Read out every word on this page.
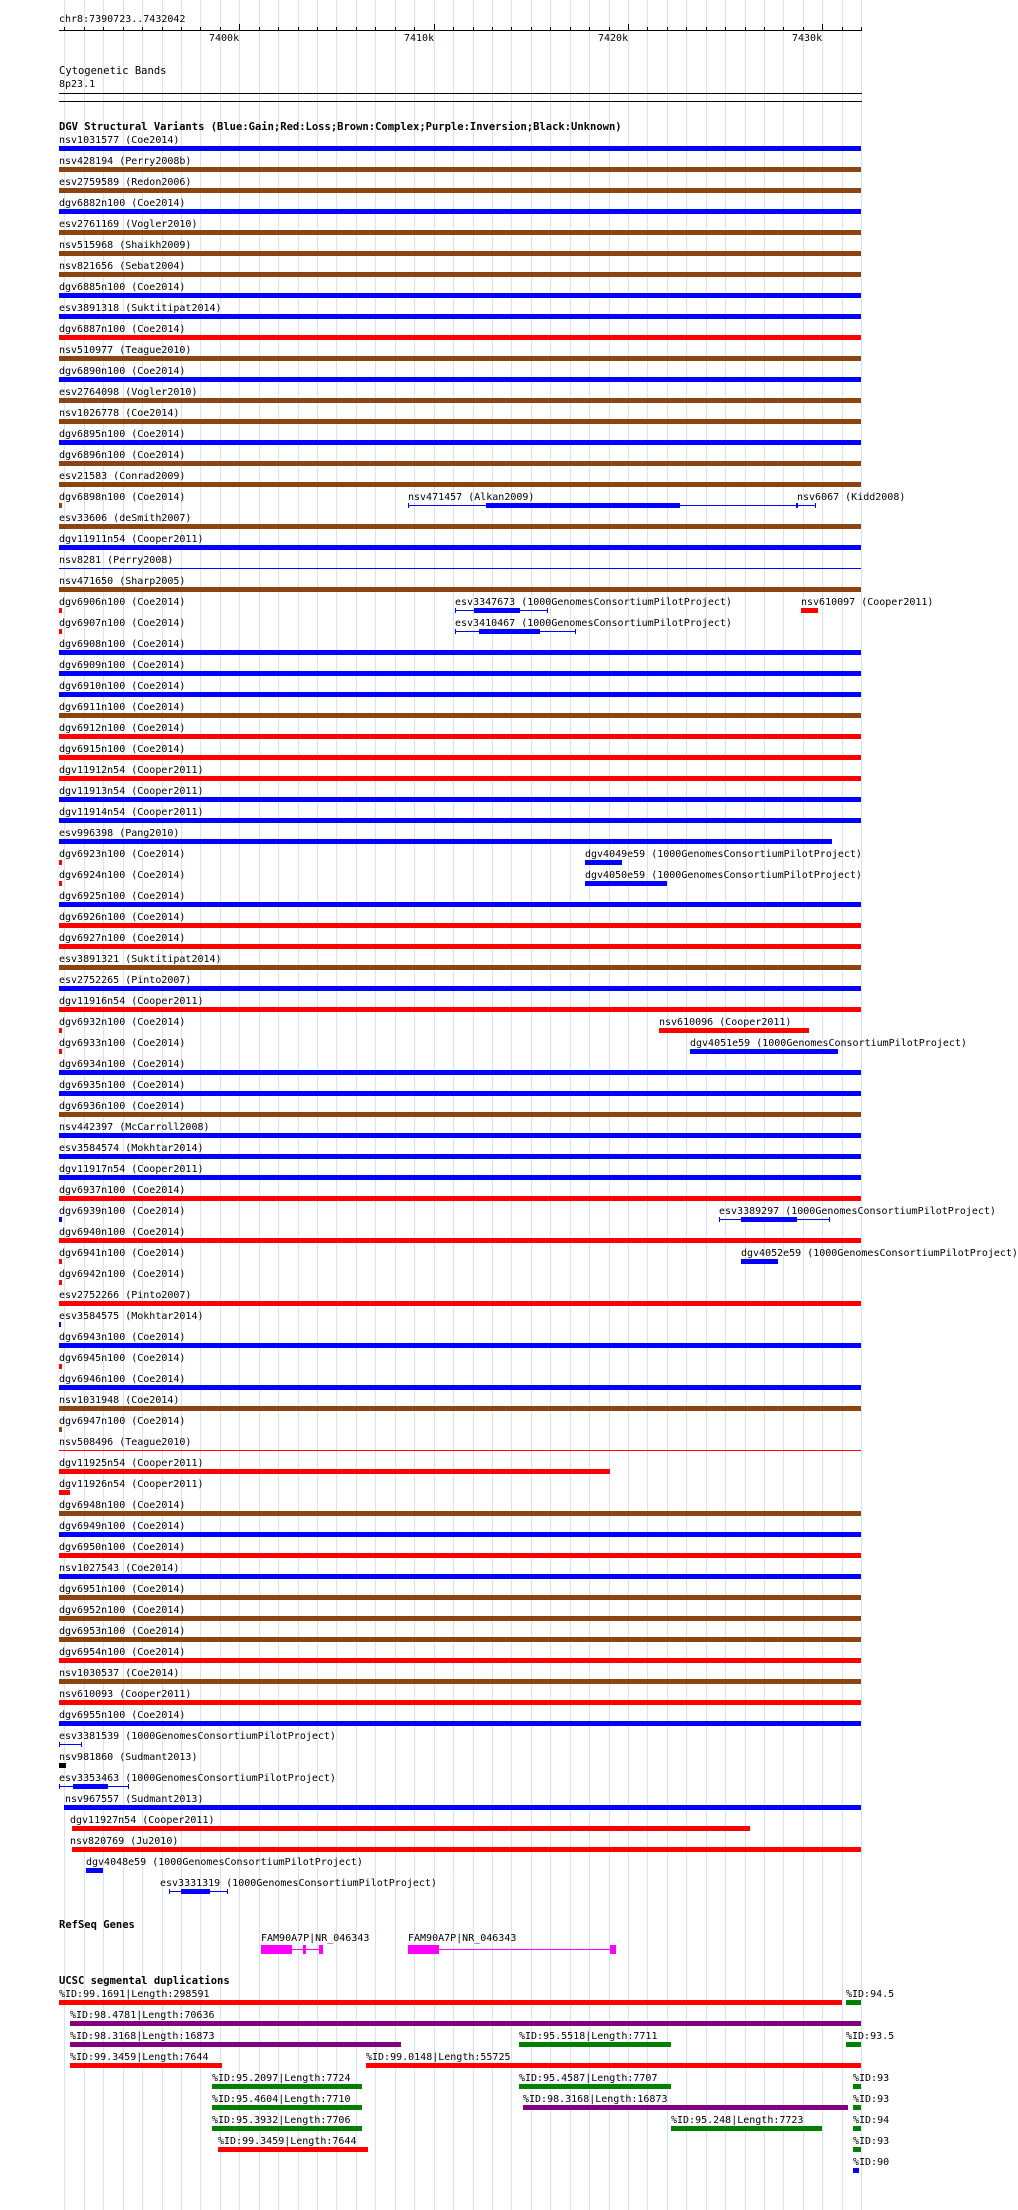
chr8:7390723..7432042
7400k	7410k	7420k	7430k
Cytogenetic Bands
8p23.1
DGV Structural Variants (Blue:Gain;Red:Loss;Brown:Complex;Purple:Inversion;Black:Unknown)
nsv1031577 (Coe2014)
nsv428194 (Perry2008b)
esv2759589 (Redon2006)
dgv6882n100 (Coe2014)
esv2761169 (Vogler2010)
nsv515968 (Shaikh2009)
nsv821656 (Sebat2004)
dgv6885n100 (Coe2014)
esv3891318 (Suktitipat2014)
dgv6887n100 (Coe2014)
nsv510977 (Teague2010)
dgv6890n100 (Coe2014)
esv2764098 (Vogler2010)
nsv1026778 (Coe2014)
dgv6895n100 (Coe2014)
dgv6896n100 (Coe2014)
esv21583 (Conrad2009)
dgv6898n100 (Coe2014)	nsv471457 (Alkan2009)	nsv6067 (Kidd2008)
esv33606 (deSmith2007)
dgv11911n54 (Cooper2011)
nsv8281 (Perry2008)
nsv471650 (Sharp2005)
dgv6906n100 (Coe2014)	esv3347673 (1000GenomesConsortiumPilotProject)	nsv610097 (Cooper2011)
dgv6907n100 (Coe2014)	esv3410467 (1000GenomesConsortiumPilotProject)
dgv6908n100 (Coe2014)
dgv6909n100 (Coe2014)
dgv6910n100 (Coe2014)
dgv6911n100 (Coe2014)
dgv6912n100 (Coe2014)
dgv6915n100 (Coe2014)
dgv11912n54 (Cooper2011)
dgv11913n54 (Cooper2011)
dgv11914n54 (Cooper2011)
esv996398 (Pang2010)
dgv6923n100 (Coe2014)	dgv4049e59 (1000GenomesConsortiumPilotProject)
dgv6924n100 (Coe2014)	dgv4050e59 (1000GenomesConsortiumPilotProject)
dgv6925n100 (Coe2014)
dgv6926n100 (Coe2014)
dgv6927n100 (Coe2014)
esv3891321 (Suktitipat2014)
esv2752265 (Pinto2007)
dgv11916n54 (Cooper2011)
dgv6932n100 (Coe2014)	nsv610096 (Cooper2011)
dgv6933n100 (Coe2014)	dgv4051e59 (1000GenomesConsortiumPilotProject)
dgv6934n100 (Coe2014)
dgv6935n100 (Coe2014)
dgv6936n100 (Coe2014)
nsv442397 (McCarroll2008)
esv3584574 (Mokhtar2014)
dgv11917n54 (Cooper2011)
dgv6937n100 (Coe2014)
dgv6939n100 (Coe2014)	esv3389297 (1000GenomesConsortiumPilotProject)
dgv6940n100 (Coe2014)
dgv6941n100 (Coe2014)	dgv4052e59 (1000GenomesConsortiumPilotProject)
dgv6942n100 (Coe2014)
esv2752266 (Pinto2007)
esv3584575 (Mokhtar2014)
dgv6943n100 (Coe2014)
dgv6945n100 (Coe2014)
dgv6946n100 (Coe2014)
nsv1031948 (Coe2014)
dgv6947n100 (Coe2014)
nsv508496 (Teague2010)
dgv11925n54 (Cooper2011)
dgv11926n54 (Cooper2011)
dgv6948n100 (Coe2014)
dgv6949n100 (Coe2014)
dgv6950n100 (Coe2014)
nsv1027543 (Coe2014)
dgv6951n100 (Coe2014)
dgv6952n100 (Coe2014)
dgv6953n100 (Coe2014)
dgv6954n100 (Coe2014)
nsv1030537 (Coe2014)
nsv610093 (Cooper2011)
dgv6955n100 (Coe2014)
esv3381539 (1000GenomesConsortiumPilotProject)
nsv981860 (Sudmant2013)
esv3353463 (1000GenomesConsortiumPilotProject)
nsv967557 (Sudmant2013)
dgv11927n54 (Cooper2011)
nsv820769 (Ju2010)
dgv4048e59 (1000GenomesConsortiumPilotProject)
esv3331319 (1000GenomesConsortiumPilotProject)
RefSeq Genes
FAM90A7P|NR_046343	FAM90A7P|NR_046343
UCSC segmental duplications
%ID:99.1691|Length:298591	%ID:94.5
%ID:98.4781|Length:70636
%ID:98.3168|Length:16873	%ID:95.5518|Length:7711	%ID:93.5
%ID:99.3459|Length:7644	%ID:99.0148|Length:55725
%ID:95.2097|Length:7724	%ID:95.4587|Length:7707	%ID:93
%ID:95.4604|Length:7710	%ID:98.3168|Length:16873	%ID:93
%ID:95.3932|Length:7706	%ID:95.248|Length:7723	%ID:94
%ID:99.3459|Length:7644	%ID:93
%ID:90
